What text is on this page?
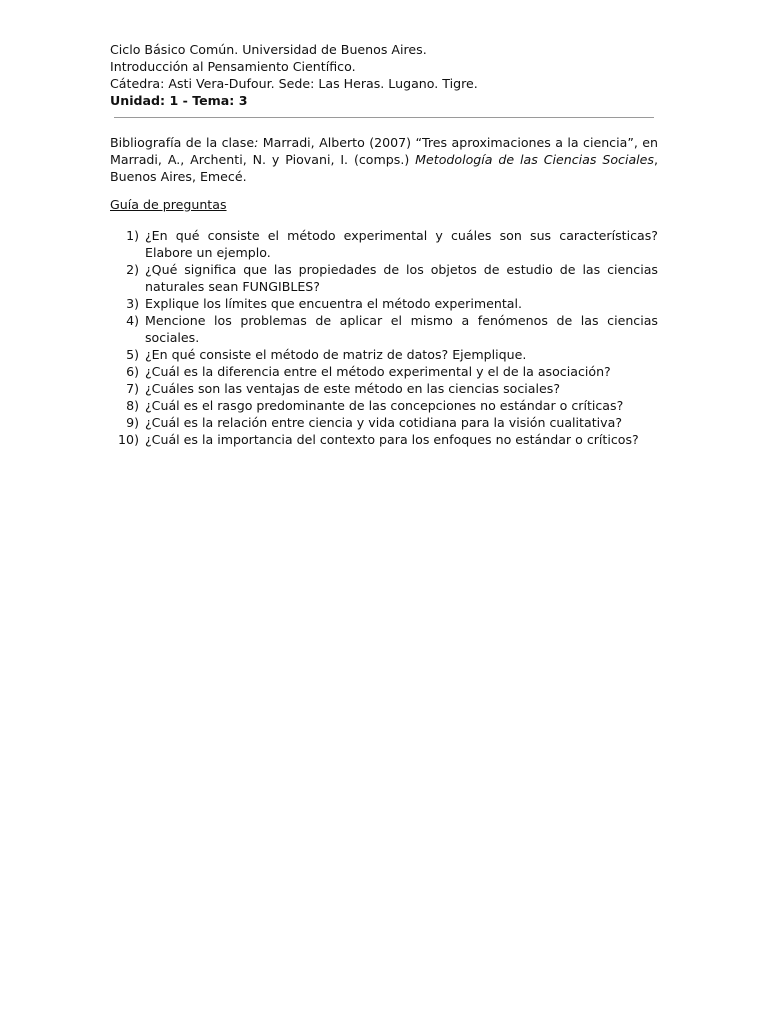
Ciclo Básico Común. Universidad de Buenos Aires.
Introducción al Pensamiento Científico.
Cátedra: Asti Vera-Dufour. Sede: Las Heras. Lugano. Tigre.
Unidad: 1 - Tema: 3
Bibliografía de la clase: Marradi, Alberto (2007) “Tres aproximaciones a la ciencia”, en Marradi, A., Archenti, N. y Piovani, I. (comps.) Metodología de las Ciencias Sociales, Buenos Aires, Emecé.
Guía de preguntas
1) ¿En qué consiste el método experimental y cuáles son sus características? Elabore un ejemplo.
2) ¿Qué significa que las propiedades de los objetos de estudio de las ciencias naturales sean FUNGIBLES?
3) Explique los límites que encuentra el método experimental.
4) Mencione los problemas de aplicar el mismo a fenómenos de las ciencias sociales.
5) ¿En qué consiste el método de matriz de datos? Ejemplique.
6) ¿Cuál es la diferencia entre el método experimental y el de la asociación?
7) ¿Cuáles son las ventajas de este método en las ciencias sociales?
8) ¿Cuál es el rasgo predominante de las concepciones no estándar o críticas?
9) ¿Cuál es la relación entre ciencia y vida cotidiana para la visión cualitativa?
10) ¿Cuál es la importancia del contexto para los enfoques no estándar o críticos?
